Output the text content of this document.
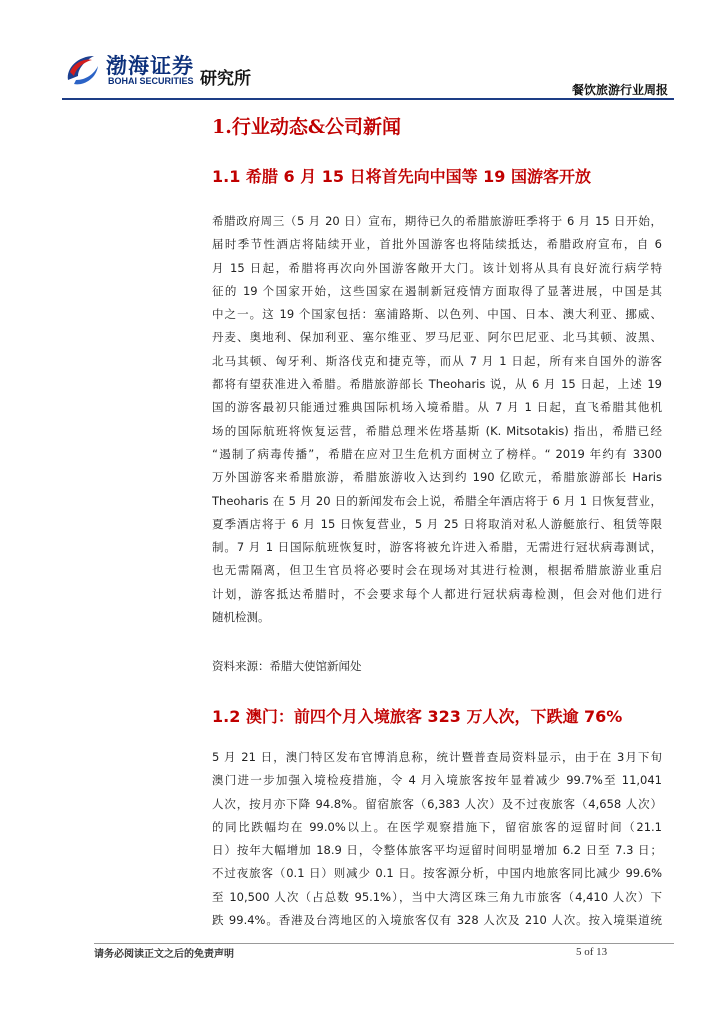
渤海证券
BOHAI SECURITIES 研究所
餐饮旅游行业周报
1.行业动态&公司新闻
1.1 希腊 6 月 15 日将首先向中国等 19 国游客开放
希腊政府周三（5 月 20 日）宣布，期待已久的希腊旅游旺季将于 6 月 15 日开始，
届时季节性酒店将陆续开业，首批外国游客也将陆续抵达，希腊政府宣布，自 6
月 15 日起，希腊将再次向外国游客敞开大门。该计划将从具有良好流行病学特
征的 19 个国家开始，这些国家在遏制新冠疫情方面取得了显著进展，中国是其
中之一。这 19 个国家包括：塞浦路斯、以色列、中国、日本、澳大利亚、挪威、
丹麦、奥地利、保加利亚、塞尔维亚、罗马尼亚、阿尔巴尼亚、北马其顿、波黑、
北马其顿、匈牙利、斯洛伐克和捷克等，而从 7 月 1 日起，所有来自国外的游客
都将有望获准进入希腊。希腊旅游部长 Theoharis 说，从 6 月 15 日起，上述 19
国的游客最初只能通过雅典国际机场入境希腊。从 7 月 1 日起，直飞希腊其他机
场的国际航班将恢复运营，希腊总理米佐塔基斯 (K. Mitsotakis) 指出，希腊已经
“遏制了病毒传播”，希腊在应对卫生危机方面树立了榜样。“ 2019 年约有 3300
万外国游客来希腊旅游，希腊旅游收入达到约 190 亿欧元，希腊旅游部长 Haris
Theoharis 在 5 月 20 日的新闻发布会上说，希腊全年酒店将于 6 月 1 日恢复营业，
夏季酒店将于 6 月 15 日恢复营业，5 月 25 日将取消对私人游艇旅行、租赁等限
制。7 月 1 日国际航班恢复时，游客将被允许进入希腊，无需进行冠状病毒测试，
也无需隔离，但卫生官员将必要时会在现场对其进行检测，根据希腊旅游业重启
计划，游客抵达希腊时，不会要求每个人都进行冠状病毒检测，但会对他们进行
随机检测。
资料来源：希腊大使馆新闻处
1.2 澳门：前四个月入境旅客 323 万人次，下跌逾 76%
5 月 21 日，澳门特区发布官博消息称，统计暨普查局资料显示，由于在 3月下旬
澳门进一步加强入境检疫措施，令 4 月入境旅客按年显着减少 99.7%至 11,041
人次，按月亦下降 94.8%。留宿旅客（6,383 人次）及不过夜旅客（4,658 人次）
的同比跌幅均在 99.0%以上。在医学观察措施下，留宿旅客的逗留时间（21.1
日）按年大幅增加 18.9 日，令整体旅客平均逗留时间明显增加 6.2 日至 7.3 日；
不过夜旅客（0.1 日）则减少 0.1 日。按客源分析，中国内地旅客同比减少 99.6%
至 10,500 人次（占总数 95.1%），当中大湾区珠三角九市旅客（4,410 人次）下
跌 99.4%。香港及台湾地区的入境旅客仅有 328 人次及 210 人次。按入境渠道统
请务必阅读正文之后的免责声明	5 of 13
